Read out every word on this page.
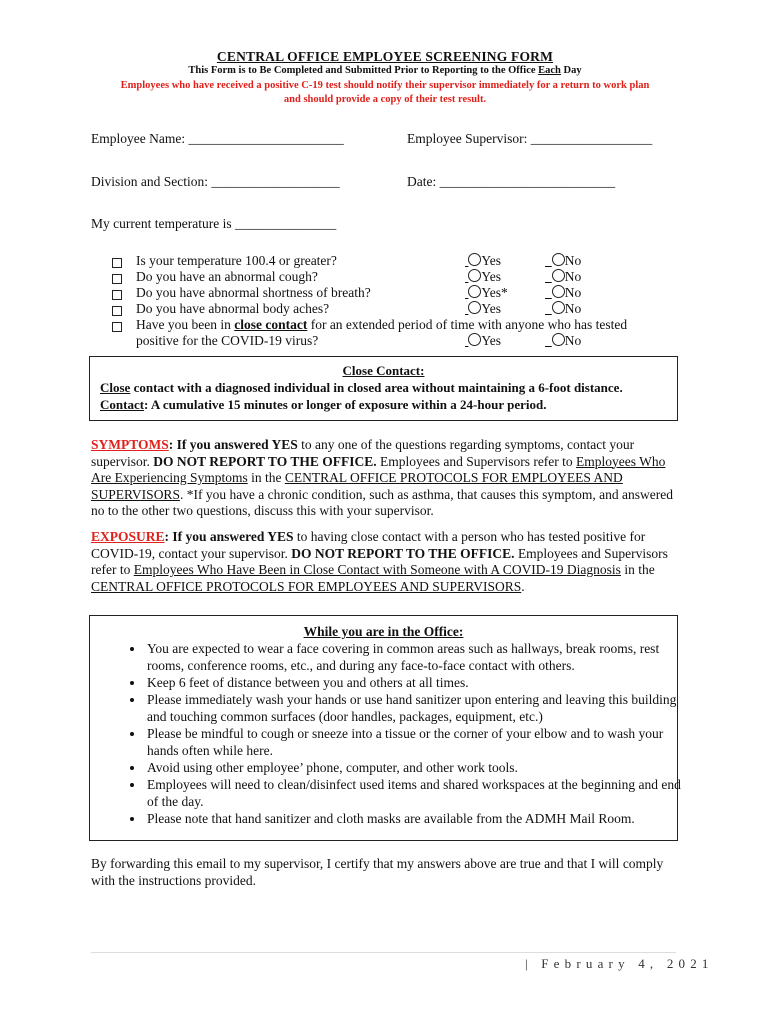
CENTRAL OFFICE EMPLOYEE SCREENING FORM
This Form is to Be Completed and Submitted Prior to Reporting to the Office Each Day
Employees who have received a positive C-19 test should notify their supervisor immediately for a return to work plan
and should provide a copy of their test result.
Employee Name: _______________________	Employee Supervisor: __________________
Division and Section: ___________________	Date: __________________________
My current temperature is _______________
Is your temperature 100.4 or greater?	Yes	No
Do you have an abnormal cough?	Yes	No
Do you have abnormal shortness of breath?	Yes*	No
Do you have abnormal body aches?	Yes	No
Have you been in close contact for an extended period of time with anyone who has tested
positive for the COVID-19 virus?	Yes	No
Close Contact:
Close contact with a diagnosed individual in closed area without maintaining a 6-foot distance.
Contact: A cumulative 15 minutes or longer of exposure within a 24-hour period.
SYMPTOMS: If you answered YES to any one of the questions regarding symptoms, contact your supervisor. DO NOT REPORT TO THE OFFICE. Employees and Supervisors refer to Employees Who Are Experiencing Symptoms in the CENTRAL OFFICE PROTOCOLS FOR EMPLOYEES AND SUPERVISORS. *If you have a chronic condition, such as asthma, that causes this symptom, and answered no to the other two questions, discuss this with your supervisor.
EXPOSURE: If you answered YES to having close contact with a person who has tested positive for COVID-19, contact your supervisor. DO NOT REPORT TO THE OFFICE. Employees and Supervisors refer to Employees Who Have Been in Close Contact with Someone with A COVID-19 Diagnosis in the CENTRAL OFFICE PROTOCOLS FOR EMPLOYEES AND SUPERVISORS.
While you are in the Office:
• You are expected to wear a face covering in common areas such as hallways, break rooms, rest rooms, conference rooms, etc., and during any face-to-face contact with others.
• Keep 6 feet of distance between you and others at all times.
• Please immediately wash your hands or use hand sanitizer upon entering and leaving this building and touching common surfaces (door handles, packages, equipment, etc.)
• Please be mindful to cough or sneeze into a tissue or the corner of your elbow and to wash your hands often while here.
• Avoid using other employee’ phone, computer, and other work tools.
• Employees will need to clean/disinfect used items and shared workspaces at the beginning and end of the day.
• Please note that hand sanitizer and cloth masks are available from the ADMH Mail Room.
By forwarding this email to my supervisor, I certify that my answers above are true and that I will comply with the instructions provided.
| February 4, 2021
